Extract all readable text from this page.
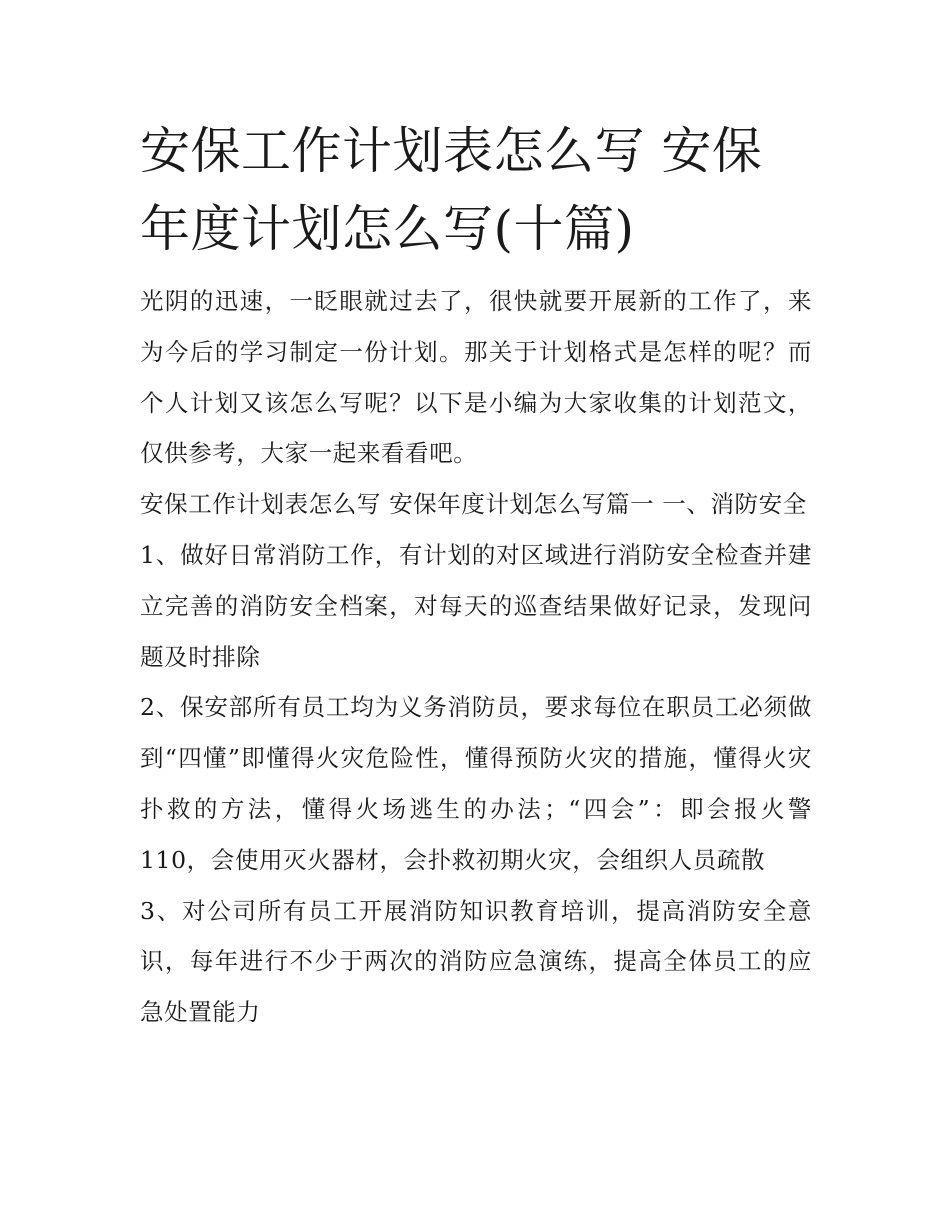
安保工作计划表怎么写 安保年度计划怎么写(十篇)

光阴的迅速，一眨眼就过去了，很快就要开展新的工作了，来为今后的学习制定一份计划。那关于计划格式是怎样的呢？而个人计划又该怎么写呢？以下是小编为大家收集的计划范文，仅供参考，大家一起来看看吧。

安保工作计划表怎么写 安保年度计划怎么写篇一 一、消防安全

1、做好日常消防工作，有计划的对区域进行消防安全检查并建立完善的消防安全档案，对每天的巡查结果做好记录，发现问题及时排除

2、保安部所有员工均为义务消防员，要求每位在职员工必须做到“四懂”即懂得火灾危险性，懂得预防火灾的措施，懂得火灾扑救的方法，懂得火场逃生的办法；“四会”：即会报火警110，会使用灭火器材，会扑救初期火灾，会组织人员疏散

3、对公司所有员工开展消防知识教育培训，提高消防安全意识，每年进行不少于两次的消防应急演练，提高全体员工的应急处置能力
